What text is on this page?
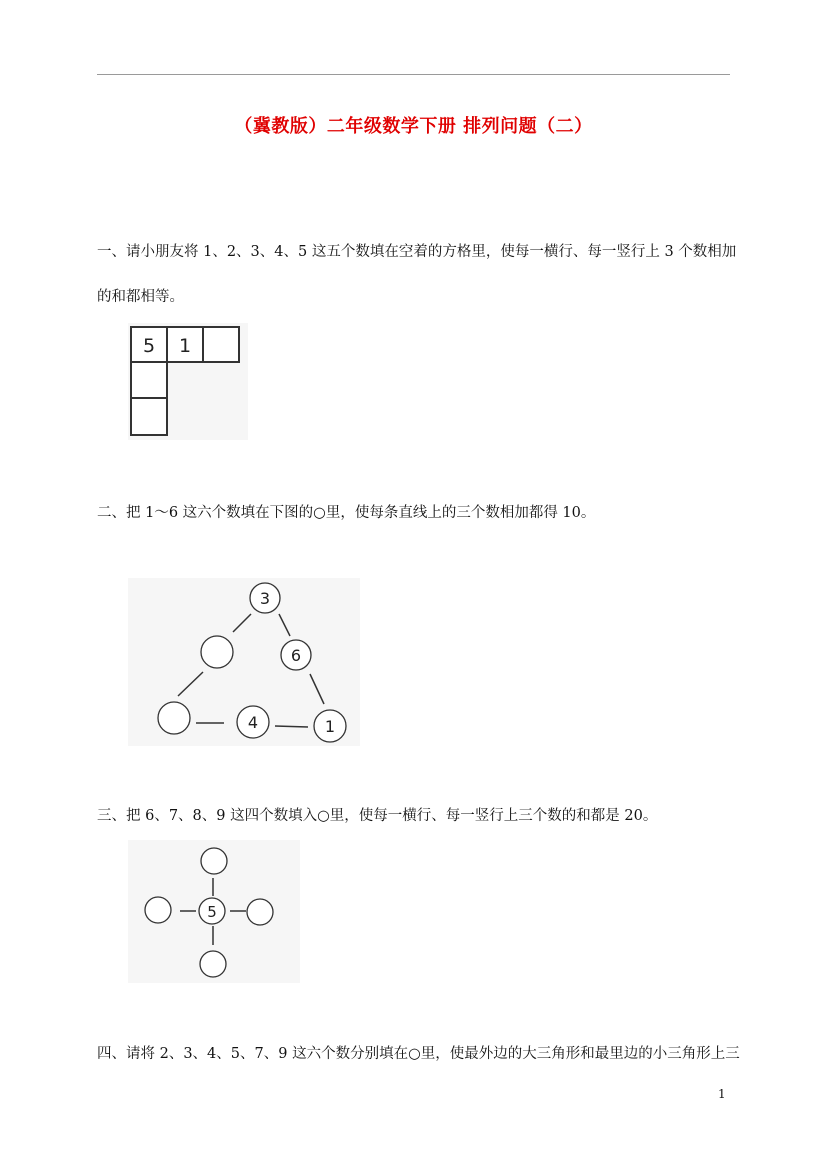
（冀教版）二年级数学下册 排列问题（二）
一、请小朋友将 1、2、3、4、5 这五个数填在空着的方格里，使每一横行、每一竖行上 3 个数相加
的和都相等。
5 1
二、把 1～6 这六个数填在下图的○里，使每条直线上的三个数相加都得 10。
3
6
4	1
三、把 6、7、8、9 这四个数填入○里，使每一横行、每一竖行上三个数的和都是 20。
5
四、请将 2、3、4、5、7、9 这六个数分别填在○里，使最外边的大三角形和最里边的小三角形上三
1
